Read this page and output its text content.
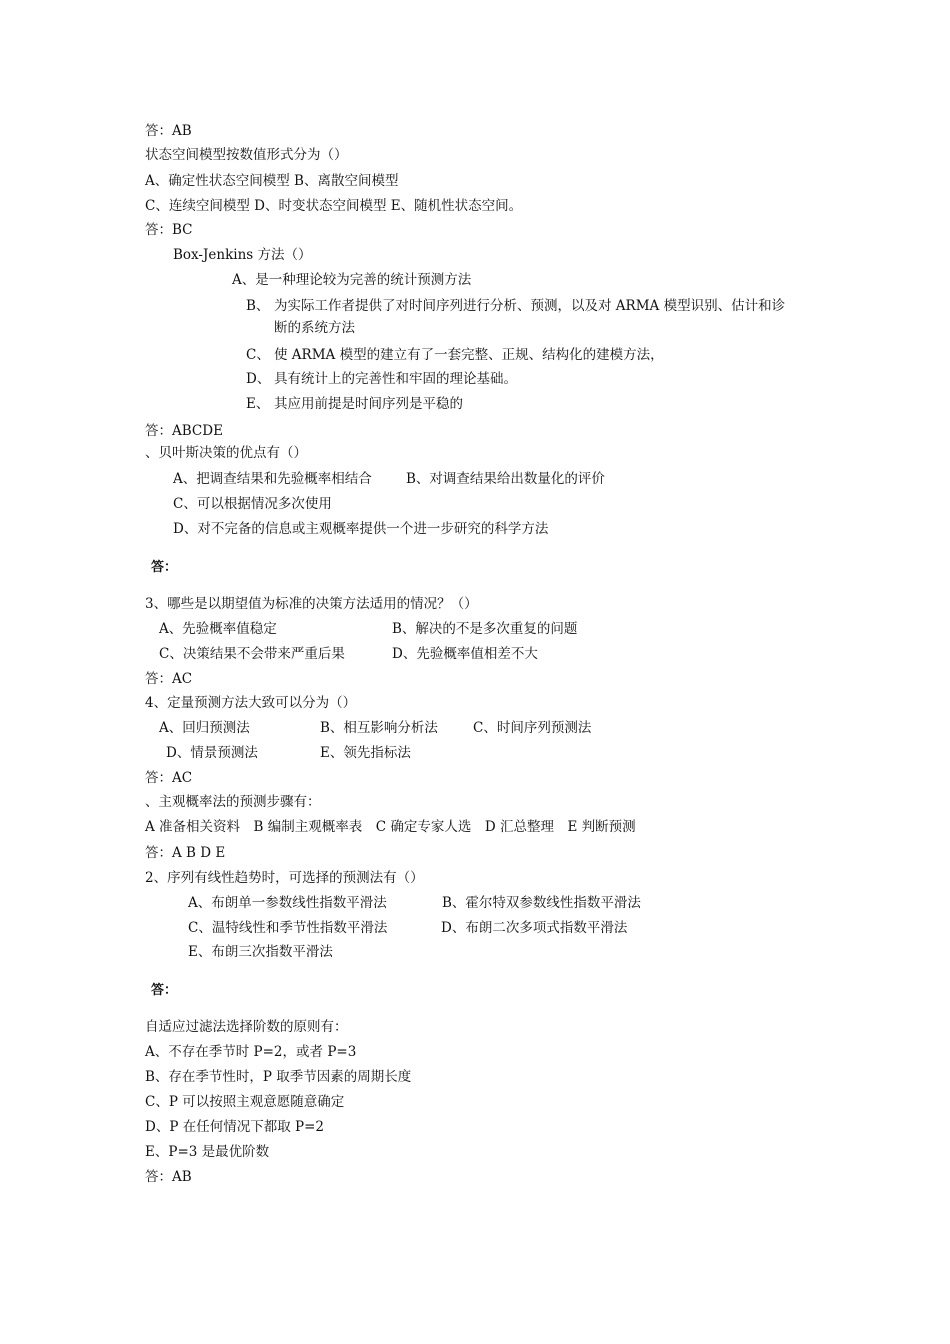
答：AB
状态空间模型按数值形式分为（）
A、确定性状态空间模型 B、离散空间模型
C、连续空间模型 D、时变状态空间模型 E、随机性状态空间。
答：BC
Box-Jenkins 方法（）
A、是一种理论较为完善的统计预测方法
B、 为实际工作者提供了对时间序列进行分析、预测，以及对 ARMA 模型识别、估计和诊
断的系统方法
C、 使 ARMA 模型的建立有了一套完整、正规、结构化的建模方法，
D、 具有统计上的完善性和牢固的理论基础。
E、 其应用前提是时间序列是平稳的
答：ABCDE
、贝叶斯决策的优点有（）
A、把调查结果和先验概率相结合	B、对调查结果给出数量化的评价
C、可以根据情况多次使用
D、对不完备的信息或主观概率提供一个进一步研究的科学方法
答：
3、哪些是以期望值为标准的决策方法适用的情况？（）
A、先验概率值稳定	B、解决的不是多次重复的问题
C、决策结果不会带来严重后果	D、先验概率值相差不大
答：AC
4、定量预测方法大致可以分为（）
A、回归预测法	B、相互影响分析法	C、时间序列预测法
D、情景预测法	E、领先指标法
答：AC
、主观概率法的预测步骤有：
A 准备相关资料　B 编制主观概率表　C 确定专家人选　D 汇总整理　E 判断预测
答：A B D E
2、序列有线性趋势时，可选择的预测法有（）
A、布朗单一参数线性指数平滑法	B、霍尔特双参数线性指数平滑法
C、温特线性和季节性指数平滑法	D、布朗二次多项式指数平滑法
E、布朗三次指数平滑法
答：
自适应过滤法选择阶数的原则有：
A、不存在季节时 P=2，或者 P=3
B、存在季节性时，P 取季节因素的周期长度
C、P 可以按照主观意愿随意确定
D、P 在任何情况下都取 P=2
E、P=3 是最优阶数
答：AB
